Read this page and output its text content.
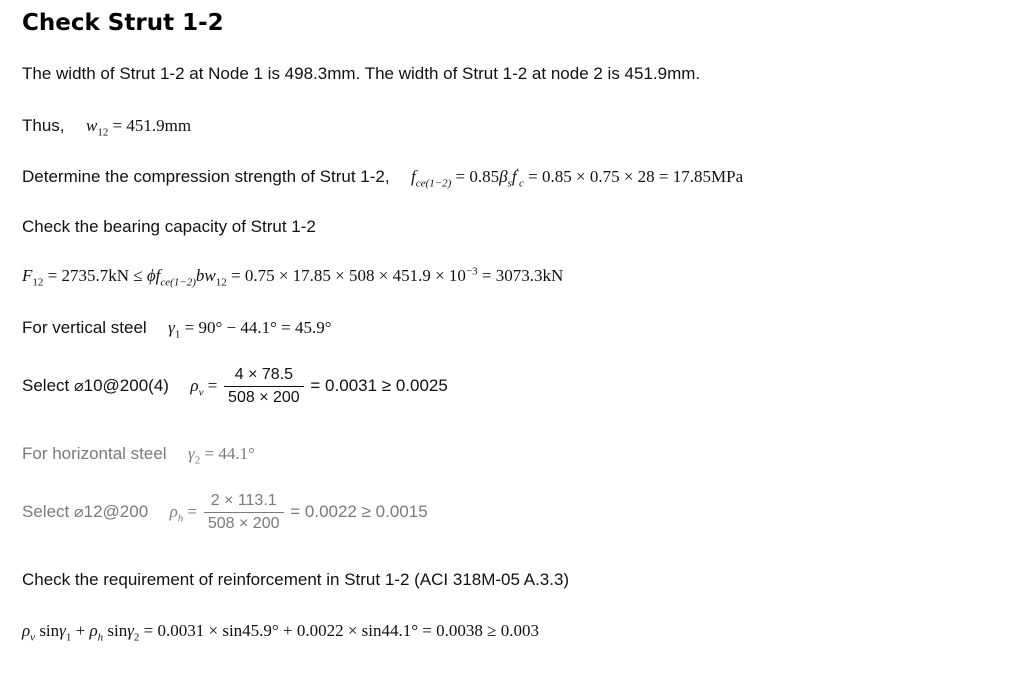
Check Strut 1-2
The width of Strut 1-2 at Node 1 is 498.3mm. The width of Strut 1-2 at node 2 is 451.9mm.
Thus, $w_{12} = 451.9mm$
Determine the compression strength of Strut 1-2, $f_{ce(1-2)} = 0.85\beta_sf'_c = 0.85 \times 0.75 \times 28 = 17.85MPa$
Check the bearing capacity of Strut 1-2
$F_{12} = 2735.7kN \le \phi f_{ce(1-2)}bw_{12} = 0.75 \times 17.85 \times 508 \times 451.9 \times 10^{-3} = 3073.3kN$
For vertical steel $\gamma_1 = 90^\circ - 44.1^\circ = 45.9^\circ$
Select ⌀10@200(4) $\rho_v = \frac{4 \times 78.5}{508 \times 200} = 0.0031 \ge 0.0025$
For horizontal steel $\gamma_2 = 44.1^\circ$
Select ⌀12@200 $\rho_h = \frac{2 \times 113.1}{508 \times 200} = 0.0022 \ge 0.0015$
Check the requirement of reinforcement in Strut 1-2 (ACI 318M-05 A.3.3)
$\rho_v$ $\sin\gamma_1 + \rho_h$ sinγ$_2$ = 0.0031 × sin45.9° + 0.0022 × sin44.1° = 0.0038 ≥ 0.003
